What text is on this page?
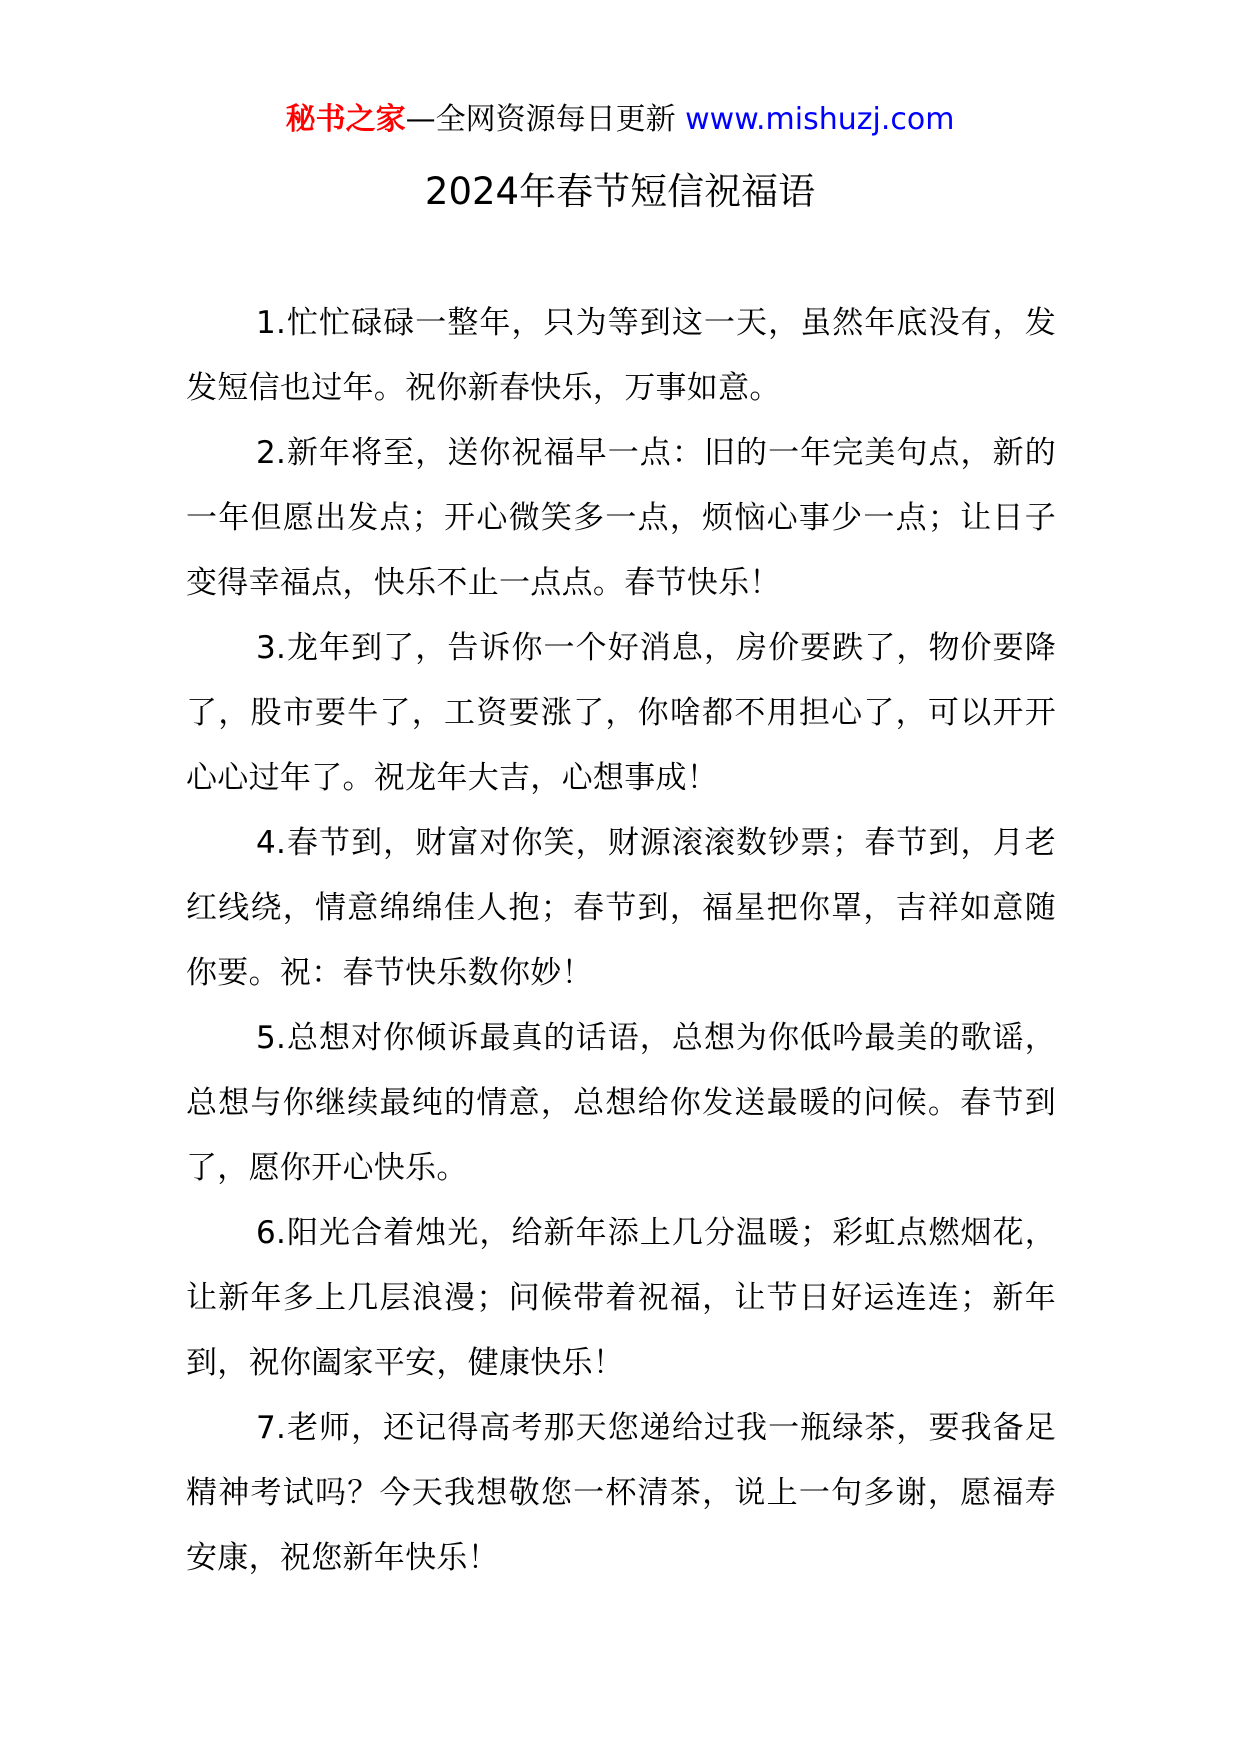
秘书之家—全网资源每日更新 www.mishuzj.com
2024年春节短信祝福语

1.忙忙碌碌一整年，只为等到这一天，虽然年底没有，发发短信也过年。祝你新春快乐，万事如意。

2.新年将至，送你祝福早一点：旧的一年完美句点，新的一年但愿出发点；开心微笑多一点，烦恼心事少一点；让日子变得幸福点，快乐不止一点点。春节快乐！

3.龙年到了，告诉你一个好消息，房价要跌了，物价要降了，股市要牛了，工资要涨了，你啥都不用担心了，可以开开心心过年了。祝龙年大吉，心想事成！

4.春节到，财富对你笑，财源滚滚数钞票；春节到，月老红线绕，情意绵绵佳人抱；春节到，福星把你罩，吉祥如意随你要。祝：春节快乐数你妙！

5.总想对你倾诉最真的话语，总想为你低吟最美的歌谣，总想与你继续最纯的情意，总想给你发送最暖的问候。春节到了，愿你开心快乐。

6.阳光合着烛光，给新年添上几分温暖；彩虹点燃烟花，让新年多上几层浪漫；问候带着祝福，让节日好运连连；新年到，祝你阖家平安，健康快乐！

7.老师，还记得高考那天您递给过我一瓶绿茶，要我备足精神考试吗？今天我想敬您一杯清茶，说上一句多谢，愿福寿安康，祝您新年快乐！
